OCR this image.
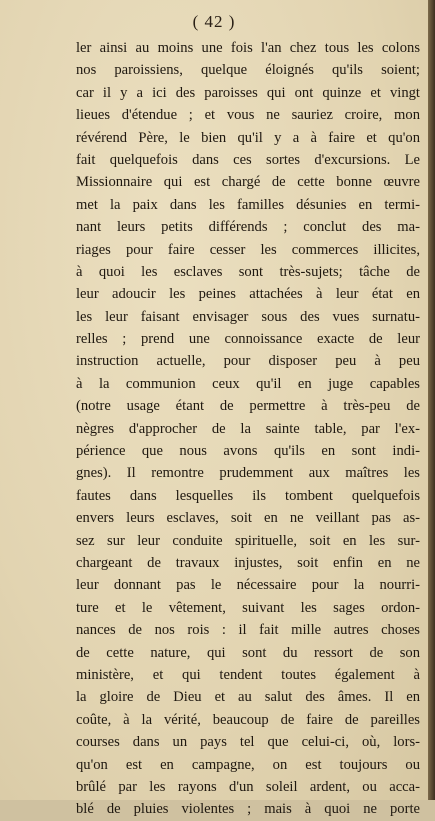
( 42 )
ler ainsi au moins une fois l'an chez tous les colons
nos paroissiens, quelque éloignés qu'ils soient;
car il y a ici des paroisses qui ont quinze et vingt
lieues d'étendue ; et vous ne sauriez croire, mon
révérend Père, le bien qu'il y a à faire et qu'on
fait quelquefois dans ces sortes d'excursions. Le
Missionnaire qui est chargé de cette bonne œuvre
met la paix dans les familles désunies en termi-
nant leurs petits différends ; conclut des ma-
riages pour faire cesser les commerces illicites,
à quoi les esclaves sont très-sujets; tâche de
leur adoucir les peines attachées à leur état en
les leur faisant envisager sous des vues surnatu-
relles ; prend une connoissance exacte de leur
instruction actuelle, pour disposer peu à peu
à la communion ceux qu'il en juge capables
(notre usage étant de permettre à très-peu de
nègres d'approcher de la sainte table, par l'ex-
périence que nous avons qu'ils en sont indi-
gnes). Il remontre prudemment aux maîtres les
fautes dans lesquelles ils tombent quelquefois
envers leurs esclaves, soit en ne veillant pas as-
sez sur leur conduite spirituelle, soit en les sur-
chargeant de travaux injustes, soit enfin en ne
leur donnant pas le nécessaire pour la nourri-
ture et le vêtement, suivant les sages ordon-
nances de nos rois : il fait mille autres choses
de cette nature, qui sont du ressort de son
ministère, et qui tendent toutes également à
la gloire de Dieu et au salut des âmes. Il en
coûte, à la vérité, beaucoup de faire de pareilles
courses dans un pays tel que celui-ci, où, lors-
qu'on est en campagne, on est toujours ou
brûlé par les rayons d'un soleil ardent, ou acca-
blé de pluies violentes ; mais à quoi ne porte
